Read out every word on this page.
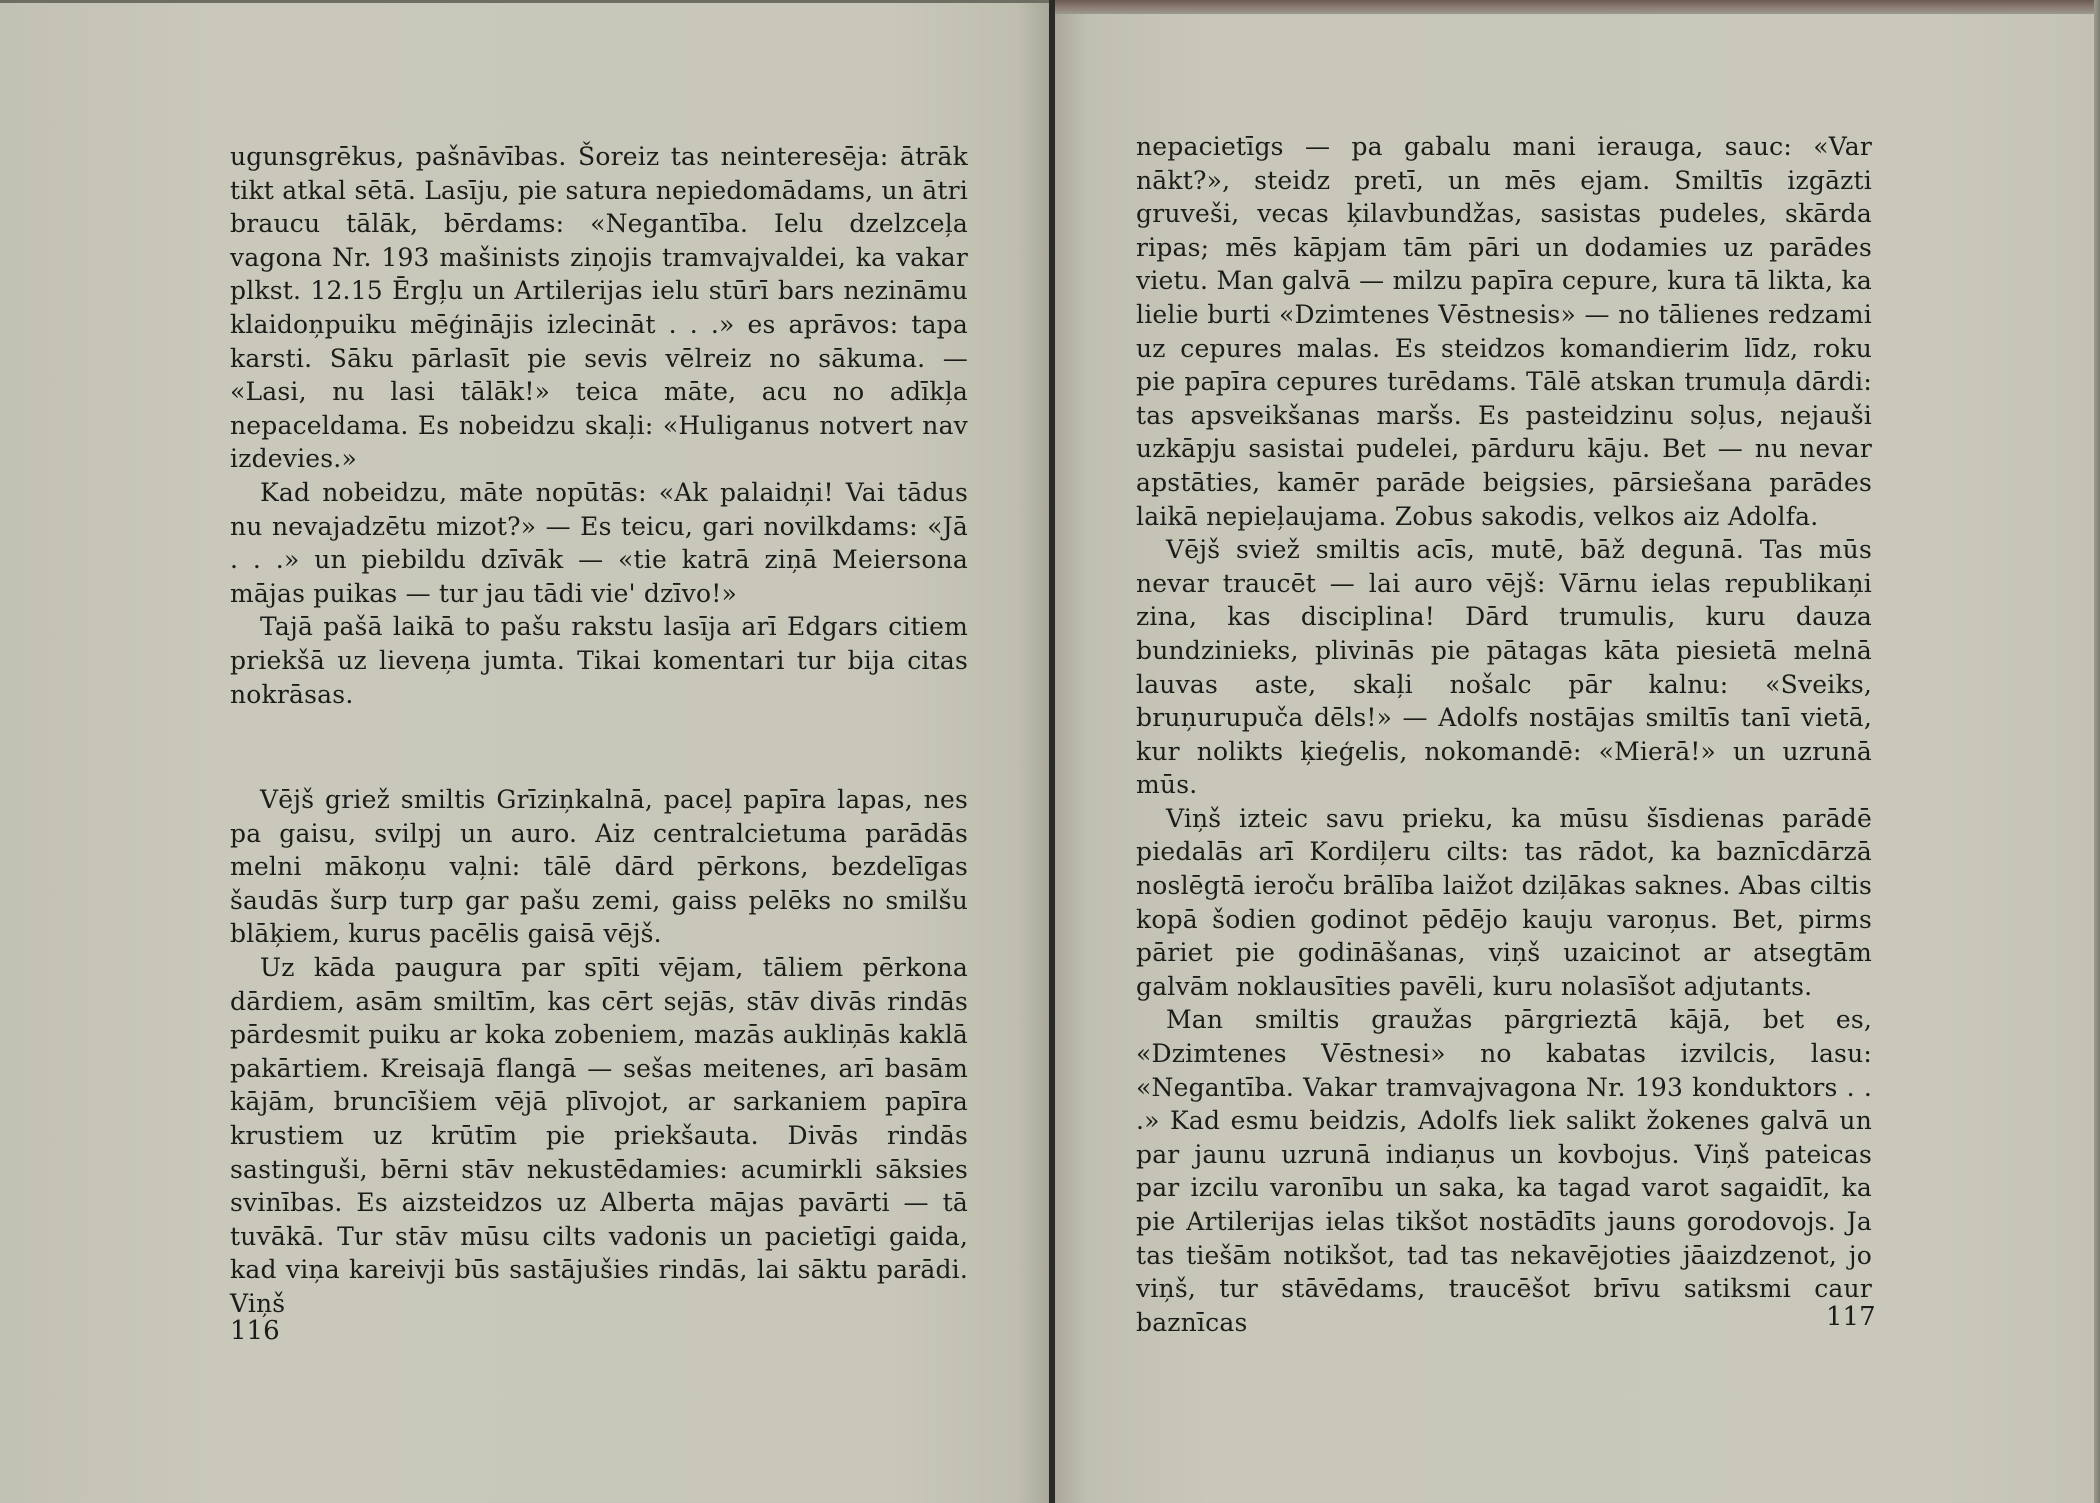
ugunsgrēkus, pašnāvības. Šoreiz tas neinteresēja: ātrāk tikt atkal sētā. Lasīju, pie satura nepiedomādams, un ātri braucu tālāk, bērdams: «Negantība. Ielu dzelzceļa vagona Nr. 193 mašinists ziņojis tramvajvaldei, ka vakar plkst. 12.15 Ērgļu un Artilerijas ielu stūrī bars nezināmu klaidoņpuiku mēģinājis izlecināt . . .» es aprāvos: tapa karsti. Sāku pārlasīt pie sevis vēlreiz no sākuma. — «Lasi, nu lasi tālāk!» teica māte, acu no adīkļa nepaceldama. Es nobeidzu skaļi: «Huliganus notvert nav izdevies.»

Kad nobeidzu, māte nopūtās: «Ak palaidņi! Vai tādus nu nevajadzētu mizot?» — Es teicu, gari novilkdams: «Jā . . .» un piebildu dzīvāk — «tie katrā ziņā Meiersona mājas puikas — tur jau tādi vie' dzīvo!»

Tajā pašā laikā to pašu rakstu lasīja arī Edgars citiem priekšā uz lieveņa jumta. Tikai komentari tur bija citas nokrāsas.

Vējš griež smiltis Grīziņkalnā, paceļ papīra lapas, nes pa gaisu, svilpj un auro. Aiz centralcietuma parādās melni mākoņu vaļni: tālē dārd pērkons, bezdelīgas šaudās šurp turp gar pašu zemi, gaiss pelēks no smilšu blāķiem, kurus pacēlis gaisā vējš.

Uz kāda paugura par spīti vējam, tāliem pērkona dārdiem, asām smiltīm, kas cērt sejās, stāv divās rindās pārdesmit puiku ar koka zobeniem, mazās aukliņās kaklā pakārtiem. Kreisajā flangā — sešas meitenes, arī basām kājām, bruncīšiem vējā plīvojot, ar sarkaniem papīra krustiem uz krūtīm pie priekšauta. Divās rindās sastinguši, bērni stāv nekustēdamies: acumirkli sāksies svinības. Es aizsteidzos uz Alberta mājas pavārti — tā tuvākā. Tur stāv mūsu cilts vadonis un pacietīgi gaida, kad viņa kareivji būs sastājušies rindās, lai sāktu parādi. Viņš

116

nepacietīgs — pa gabalu mani ierauga, sauc: «Var nākt?», steidz pretī, un mēs ejam. Smiltīs izgāzti gruveši, vecas ķilavbundžas, sasistas pudeles, skārda ripas; mēs kāpjam tām pāri un dodamies uz parādes vietu. Man galvā — milzu papīra cepure, kura tā likta, ka lielie burti «Dzimtenes Vēstnesis» — no tālienes redzami uz cepures malas. Es steidzos komandierim līdz, roku pie papīra cepures turēdams. Tālē atskan trumuļa dārdi: tas apsveikšanas maršs. Es pasteidzinu soļus, nejauši uzkāpju sasistai pudelei, pārduru kāju. Bet — nu nevar apstāties, kamēr parāde beigsies, pārsiešana parādes laikā nepieļaujama. Zobus sakodis, velkos aiz Adolfa.

Vējš sviež smiltis acīs, mutē, bāž degunā. Tas mūs nevar traucēt — lai auro vējš: Vārnu ielas republikaņi zina, kas disciplina! Dārd trumulis, kuru dauza bundzinieks, plivinās pie pātagas kāta piesietā melnā lauvas aste, skaļi nošalc pār kalnu: «Sveiks, bruņurupuča dēls!» — Adolfs nostājas smiltīs tanī vietā, kur nolikts ķieģelis, nokomandē: «Mierā!» un uzrunā mūs.

Viņš izteic savu prieku, ka mūsu šīsdienas parādē piedalās arī Kordiļeru cilts: tas rādot, ka baznīcdārzā noslēgtā ieroču brālība laižot dziļākas saknes. Abas ciltis kopā šodien godinot pēdējo kauju varoņus. Bet, pirms pāriet pie godināšanas, viņš uzaicinot ar atsegtām galvām noklausīties pavēli, kuru nolasīšot adjutants.

Man smiltis graužas pārgrieztā kājā, bet es, «Dzimtenes Vēstnesi» no kabatas izvilcis, lasu: «Negantība. Vakar tramvajvagona Nr. 193 konduktors . . .» Kad esmu beidzis, Adolfs liek salikt žokenes galvā un par jaunu uzrunā indiaņus un kovbojus. Viņš pateicas par izcilu varonību un saka, ka tagad varot sagaidīt, ka pie Artilerijas ielas tikšot nostādīts jauns gorodovojs. Ja tas tiešām notikšot, tad tas nekavējoties jāaizdzenot, jo viņš, tur stāvēdams, traucēšot brīvu satiksmi caur baznīcas	117
